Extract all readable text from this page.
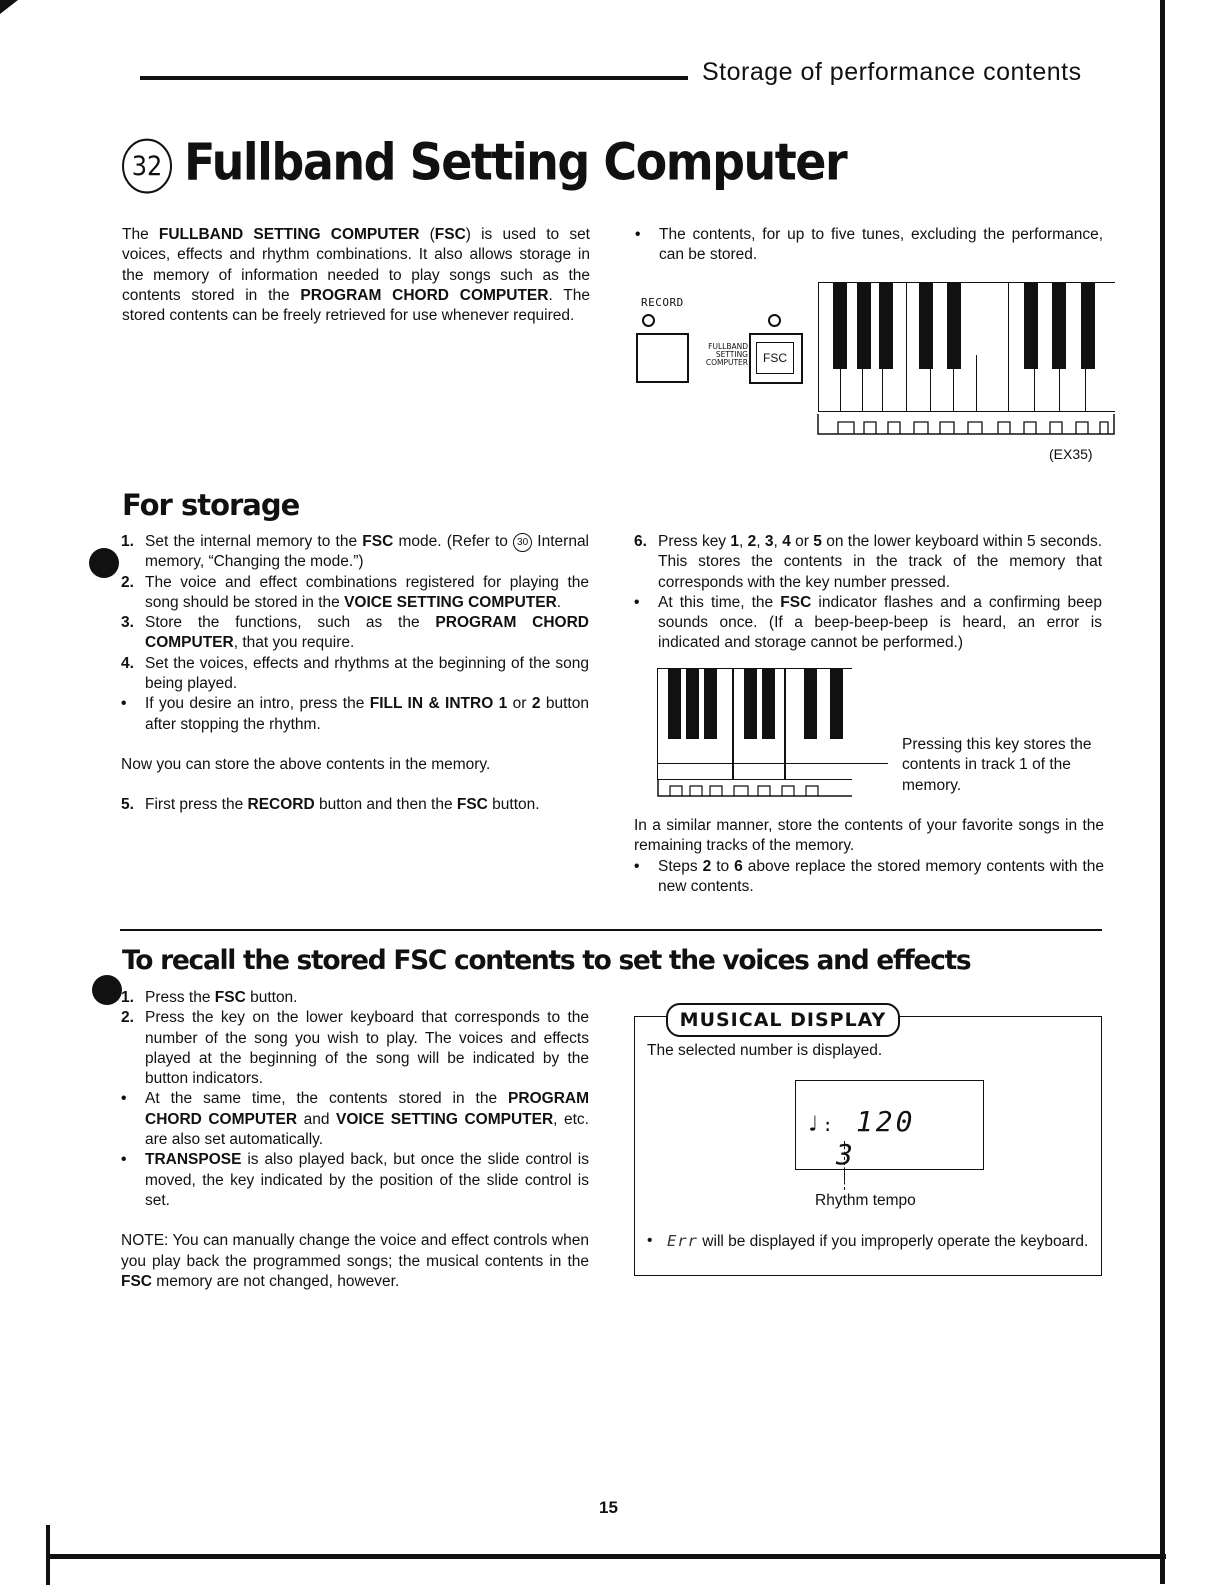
Storage of performance contents
32 Fullband Setting Computer

The FULLBAND SETTING COMPUTER (FSC) is used to set voices, effects and rhythm combinations. It also allows storage in the memory of information needed to play songs such as the contents stored in the PROGRAM CHORD COMPUTER. The stored contents can be freely retrieved for use whenever required.

• The contents, for up to five tunes, excluding the performance, can be stored.
RECORD
FULLBAND
SETTING
COMPUTER	FSC
(EX35)
For storage
1. Set the internal memory to the FSC mode. (Refer to 30 Internal memory, “Changing the mode.”)
2. The voice and effect combinations registered for playing the song should be stored in the VOICE SETTING COMPUTER.
3. Store the functions, such as the PROGRAM CHORD COMPUTER, that you require.
4. Set the voices, effects and rhythms at the beginning of the song being played.
• If you desire an intro, press the FILL IN & INTRO 1 or 2 button after stopping the rhythm.

Now you can store the above contents in the memory.

5. First press the RECORD button and then the FSC button.
6. Press key 1, 2, 3, 4 or 5 on the lower keyboard within 5 seconds. This stores the contents in the track of the memory that corresponds with the key number pressed.
• At this time, the FSC indicator flashes and a confirming beep sounds once. (If a beep-beep-beep is heard, an error is indicated and storage cannot be performed.)
Pressing this key stores the contents in track 1 of the memory.

In a similar manner, store the contents of your favorite songs in the remaining tracks of the memory.

• Steps 2 to 6 above replace the stored memory contents with the new contents.
To recall the stored FSC contents to set the voices and effects
1. Press the FSC button.
2. Press the key on the lower keyboard that corresponds to the number of the song you wish to play. The voices and effects played at the beginning of the song will be indicated by the button indicators.
• At the same time, the contents stored in the PROGRAM CHORD COMPUTER and VOICE SETTING COMPUTER, etc. are also set automatically.
• TRANSPOSE is also played back, but once the slide control is moved, the key indicated by the position of the slide control is set.

NOTE: You can manually change the voice and effect controls when you play back the programmed songs; the musical contents in the FSC memory are not changed, however.

The selected number is displayed.
♩: 120 3
Rhythm tempo
• Err will be displayed if you improperly operate the keyboard.
MUSICAL DISPLAY
15
